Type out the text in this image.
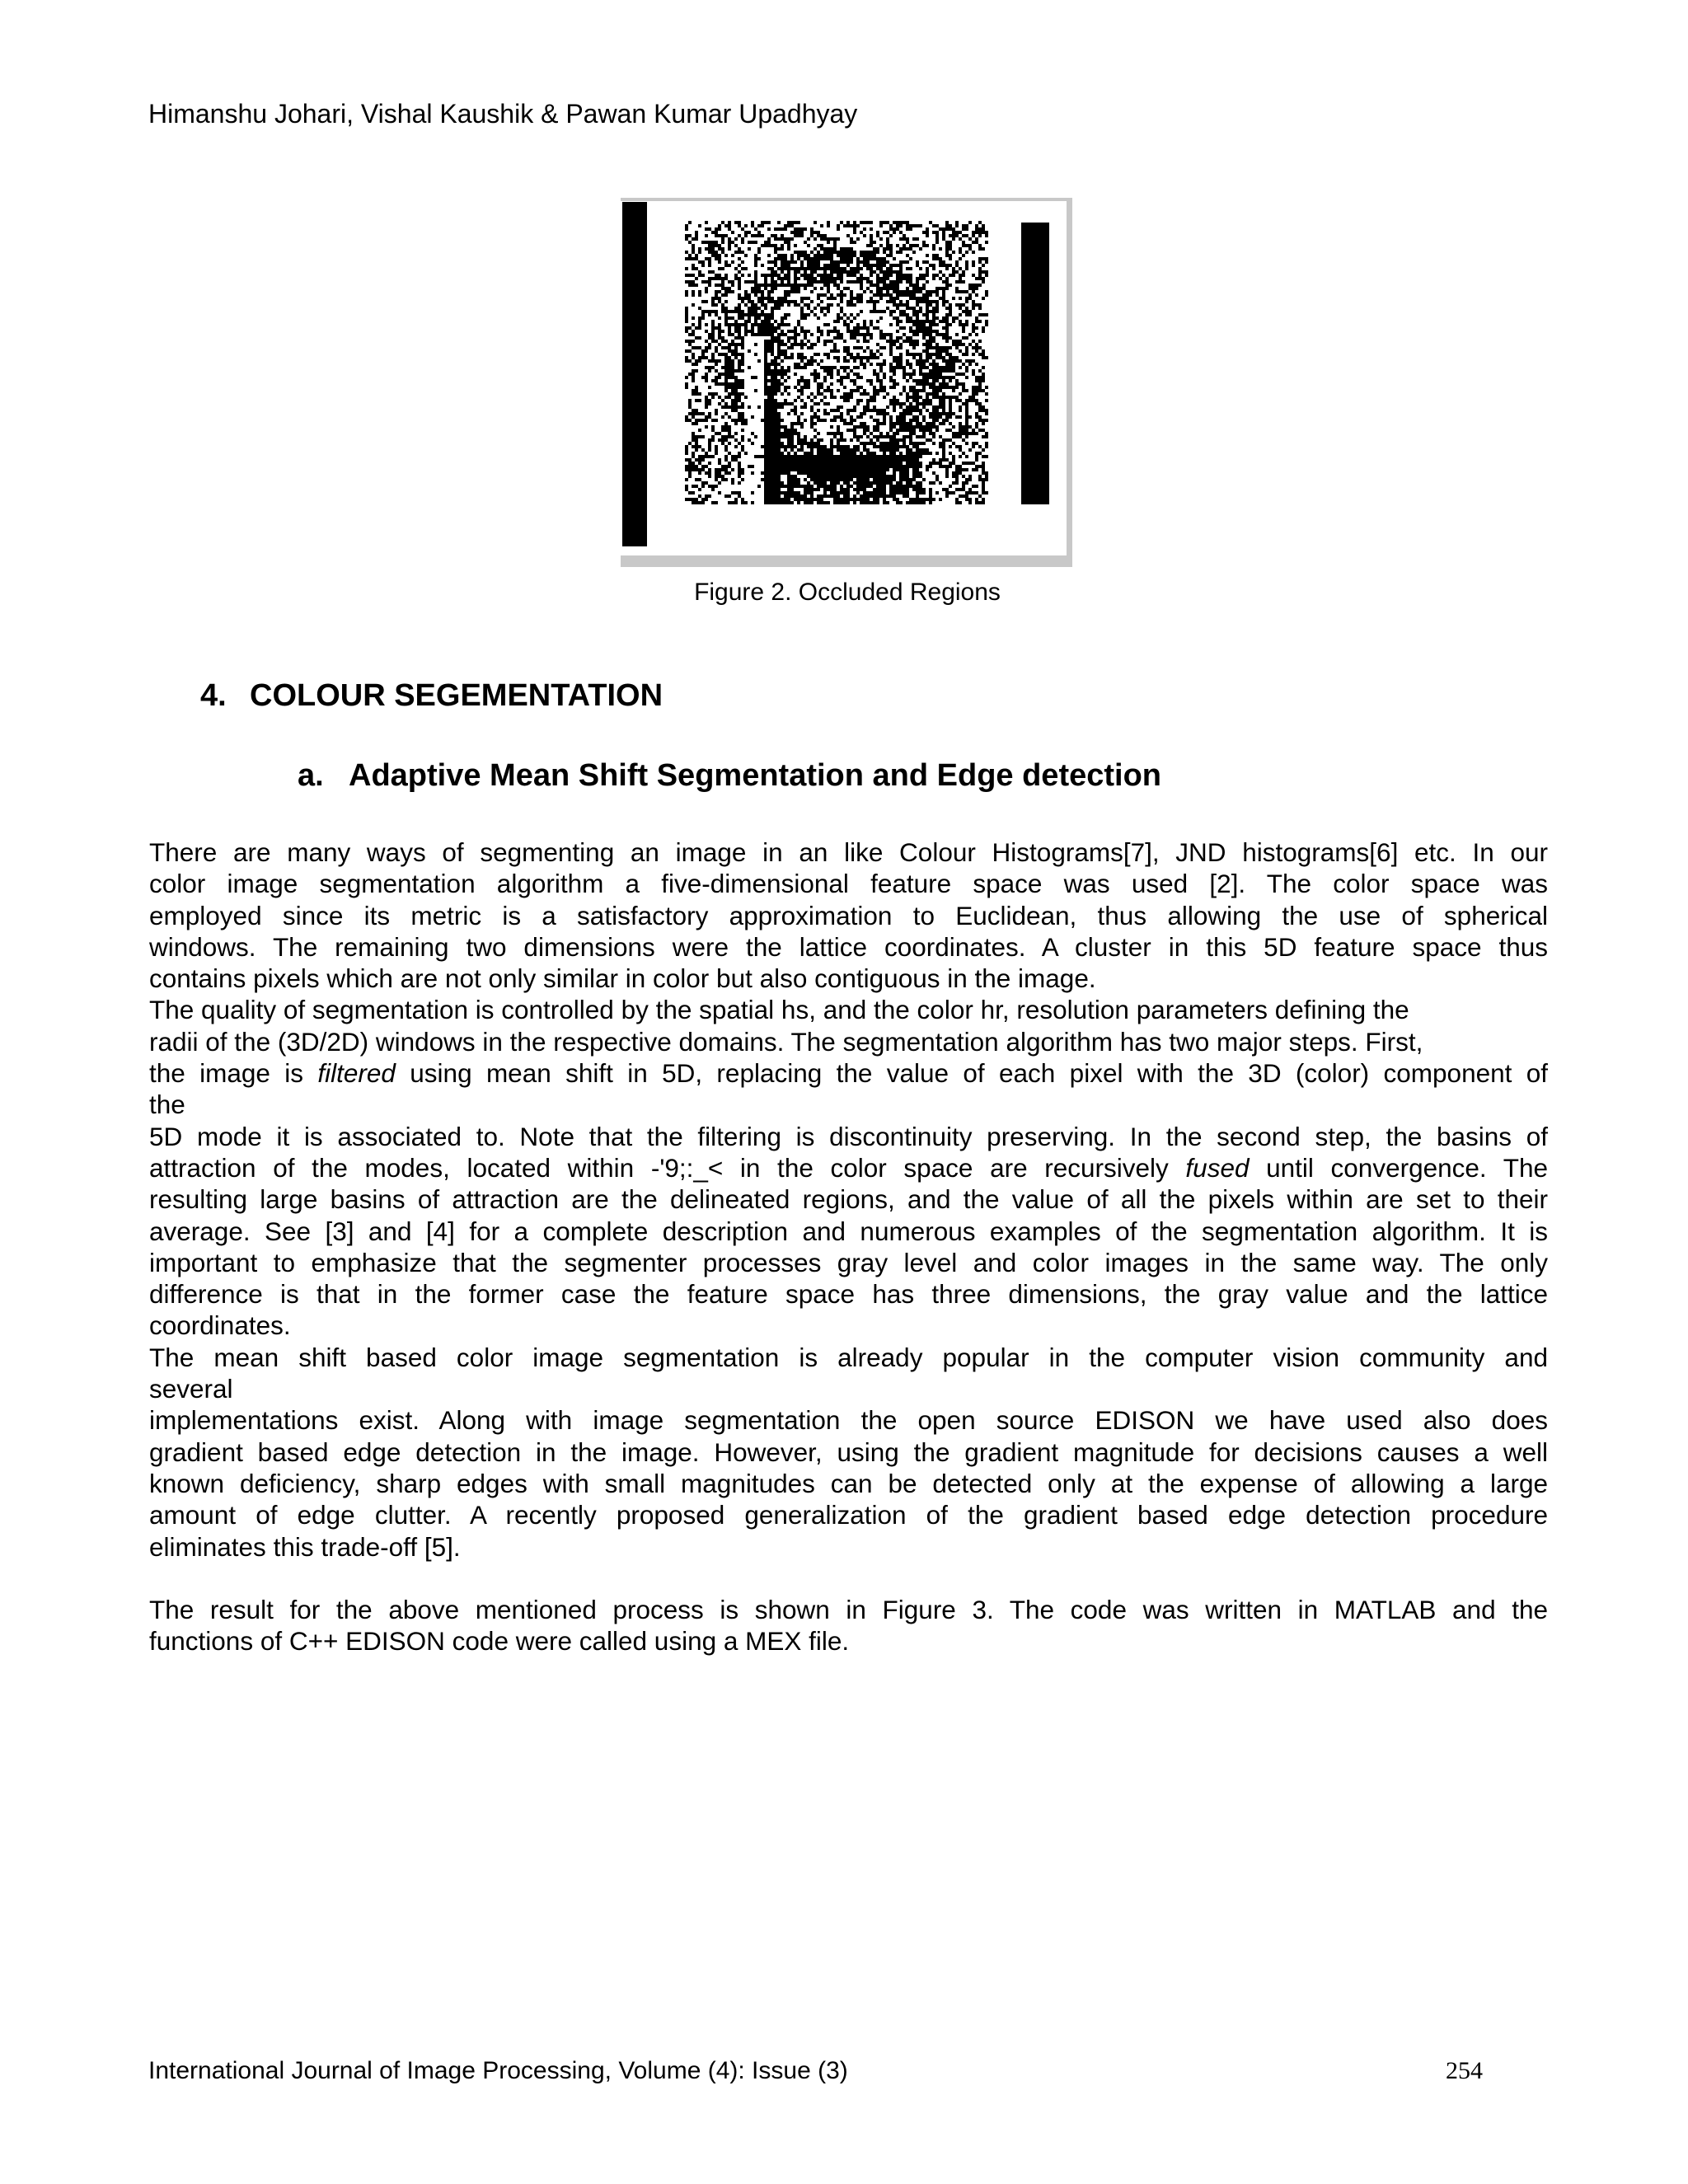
Himanshu Johari, Vishal Kaushik & Pawan Kumar Upadhyay
Figure 2. Occluded Regions
4. COLOUR SEGEMENTATION
a. Adaptive Mean Shift Segmentation and Edge detection

There are many ways of segmenting an image in an like Colour Histograms[7], JND histograms[6] etc. In our

color image segmentation algorithm a five-dimensional feature space was used [2]. The color space was

employed since its metric is a satisfactory approximation to Euclidean, thus allowing the use of spherical

windows. The remaining two dimensions were the lattice coordinates. A cluster in this 5D feature space thus

contains pixels which are not only similar in color but also contiguous in the image.

The quality of segmentation is controlled by the spatial hs, and the color hr, resolution parameters defining the

radii of the (3D/2D) windows in the respective domains. The segmentation algorithm has two major steps. First,

the image is filtered using mean shift in 5D, replacing the value of each pixel with the 3D (color) component of

the

5D mode it is associated to. Note that the filtering is discontinuity preserving. In the second step, the basins of

attraction of the modes, located within -'9;:_< in the color space are recursively fused until convergence. The

resulting large basins of attraction are the delineated regions, and the value of all the pixels within are set to their

average. See [3] and [4] for a complete description and numerous examples of the segmentation algorithm. It is

important to emphasize that the segmenter processes gray level and color images in the same way. The only

difference is that in the former case the feature space has three dimensions, the gray value and the lattice

coordinates.

The mean shift based color image segmentation is already popular in the computer vision community and

several

implementations exist. Along with image segmentation the open source EDISON we have used also does

gradient based edge detection in the image. However, using the gradient magnitude for decisions causes a well

known deficiency, sharp edges with small magnitudes can be detected only at the expense of allowing a large

amount of edge clutter. A recently proposed generalization of the gradient based edge detection procedure

eliminates this trade-off [5].

The result for the above mentioned process is shown in Figure 3. The code was written in MATLAB and the

functions of C++ EDISON code were called using a MEX file.

International Journal of Image Processing, Volume (4): Issue (3)	254
